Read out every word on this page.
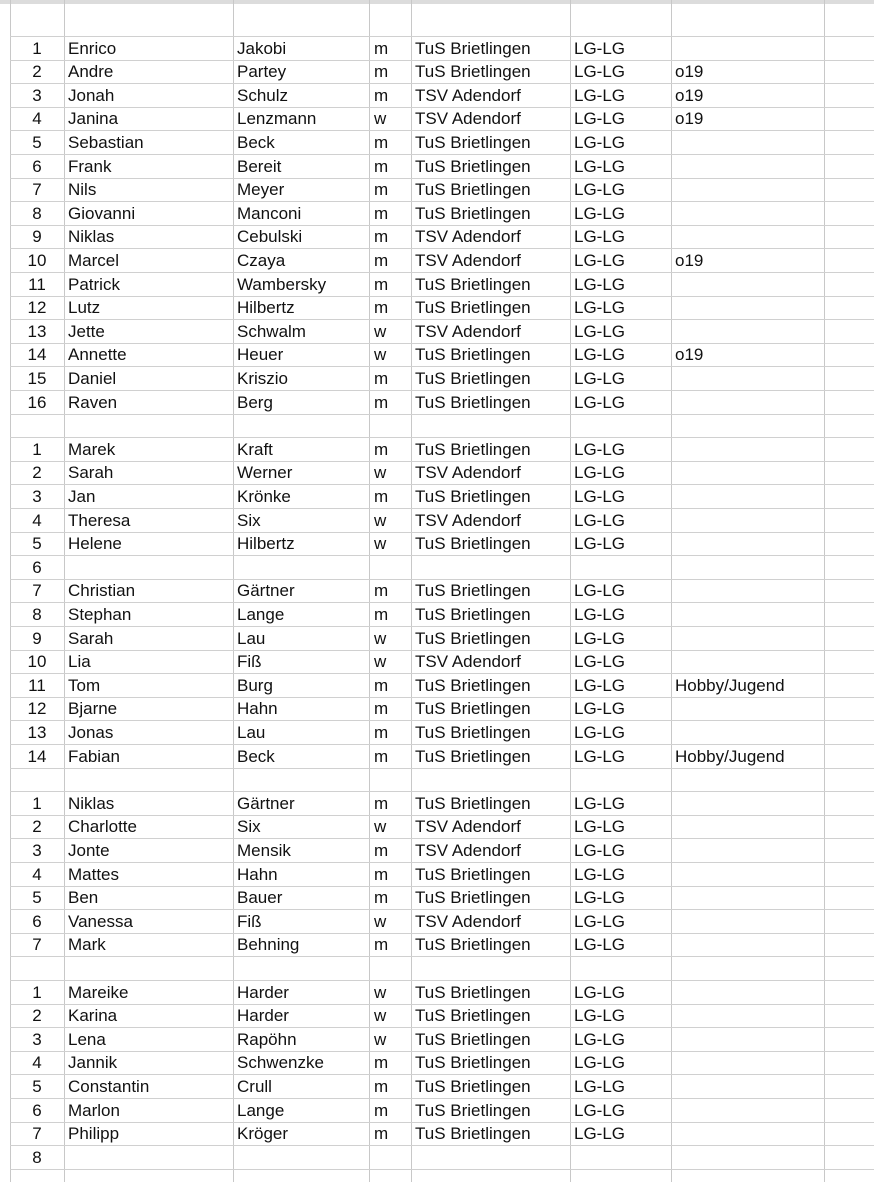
1	Enrico	Jakobi	m	TuS Brietlingen	LG-LG
2	Andre	Partey	m	TuS Brietlingen	LG-LG	o19
3	Jonah	Schulz	m	TSV Adendorf	LG-LG	o19
4	Janina	Lenzmann	w	TSV Adendorf	LG-LG	o19
5	Sebastian	Beck	m	TuS Brietlingen	LG-LG
6	Frank	Bereit	m	TuS Brietlingen	LG-LG
7	Nils	Meyer	m	TuS Brietlingen	LG-LG
8	Giovanni	Manconi	m	TuS Brietlingen	LG-LG
9	Niklas	Cebulski	m	TSV Adendorf	LG-LG
10	Marcel	Czaya	m	TSV Adendorf	LG-LG	o19
11	Patrick	Wambersky	m	TuS Brietlingen	LG-LG
12	Lutz	Hilbertz	m	TuS Brietlingen	LG-LG
13	Jette	Schwalm	w	TSV Adendorf	LG-LG
14	Annette	Heuer	w	TuS Brietlingen	LG-LG	o19
15	Daniel	Kriszio	m	TuS Brietlingen	LG-LG
16	Raven	Berg	m	TuS Brietlingen	LG-LG
1	Marek	Kraft	m	TuS Brietlingen	LG-LG
2	Sarah	Werner	w	TSV Adendorf	LG-LG
3	Jan	Krönke	m	TuS Brietlingen	LG-LG
4	Theresa	Six	w	TSV Adendorf	LG-LG
5	Helene	Hilbertz	w	TuS Brietlingen	LG-LG
6
7	Christian	Gärtner	m	TuS Brietlingen	LG-LG
8	Stephan	Lange	m	TuS Brietlingen	LG-LG
9	Sarah	Lau	w	TuS Brietlingen	LG-LG
10	Lia	Fiß	w	TSV Adendorf	LG-LG
11	Tom	Burg	m	TuS Brietlingen	LG-LG	Hobby/Jugend
12	Bjarne	Hahn	m	TuS Brietlingen	LG-LG
13	Jonas	Lau	m	TuS Brietlingen	LG-LG
14	Fabian	Beck	m	TuS Brietlingen	LG-LG	Hobby/Jugend
1	Niklas	Gärtner	m	TuS Brietlingen	LG-LG
2	Charlotte	Six	w	TSV Adendorf	LG-LG
3	Jonte	Mensik	m	TSV Adendorf	LG-LG
4	Mattes	Hahn	m	TuS Brietlingen	LG-LG
5	Ben	Bauer	m	TuS Brietlingen	LG-LG
6	Vanessa	Fiß	w	TSV Adendorf	LG-LG
7	Mark	Behning	m	TuS Brietlingen	LG-LG
1	Mareike	Harder	w	TuS Brietlingen	LG-LG
2	Karina	Harder	w	TuS Brietlingen	LG-LG
3	Lena	Rapöhn	w	TuS Brietlingen	LG-LG
4	Jannik	Schwenzke	m	TuS Brietlingen	LG-LG
5	Constantin	Crull	m	TuS Brietlingen	LG-LG
6	Marlon	Lange	m	TuS Brietlingen	LG-LG
7	Philipp	Kröger	m	TuS Brietlingen	LG-LG
8
